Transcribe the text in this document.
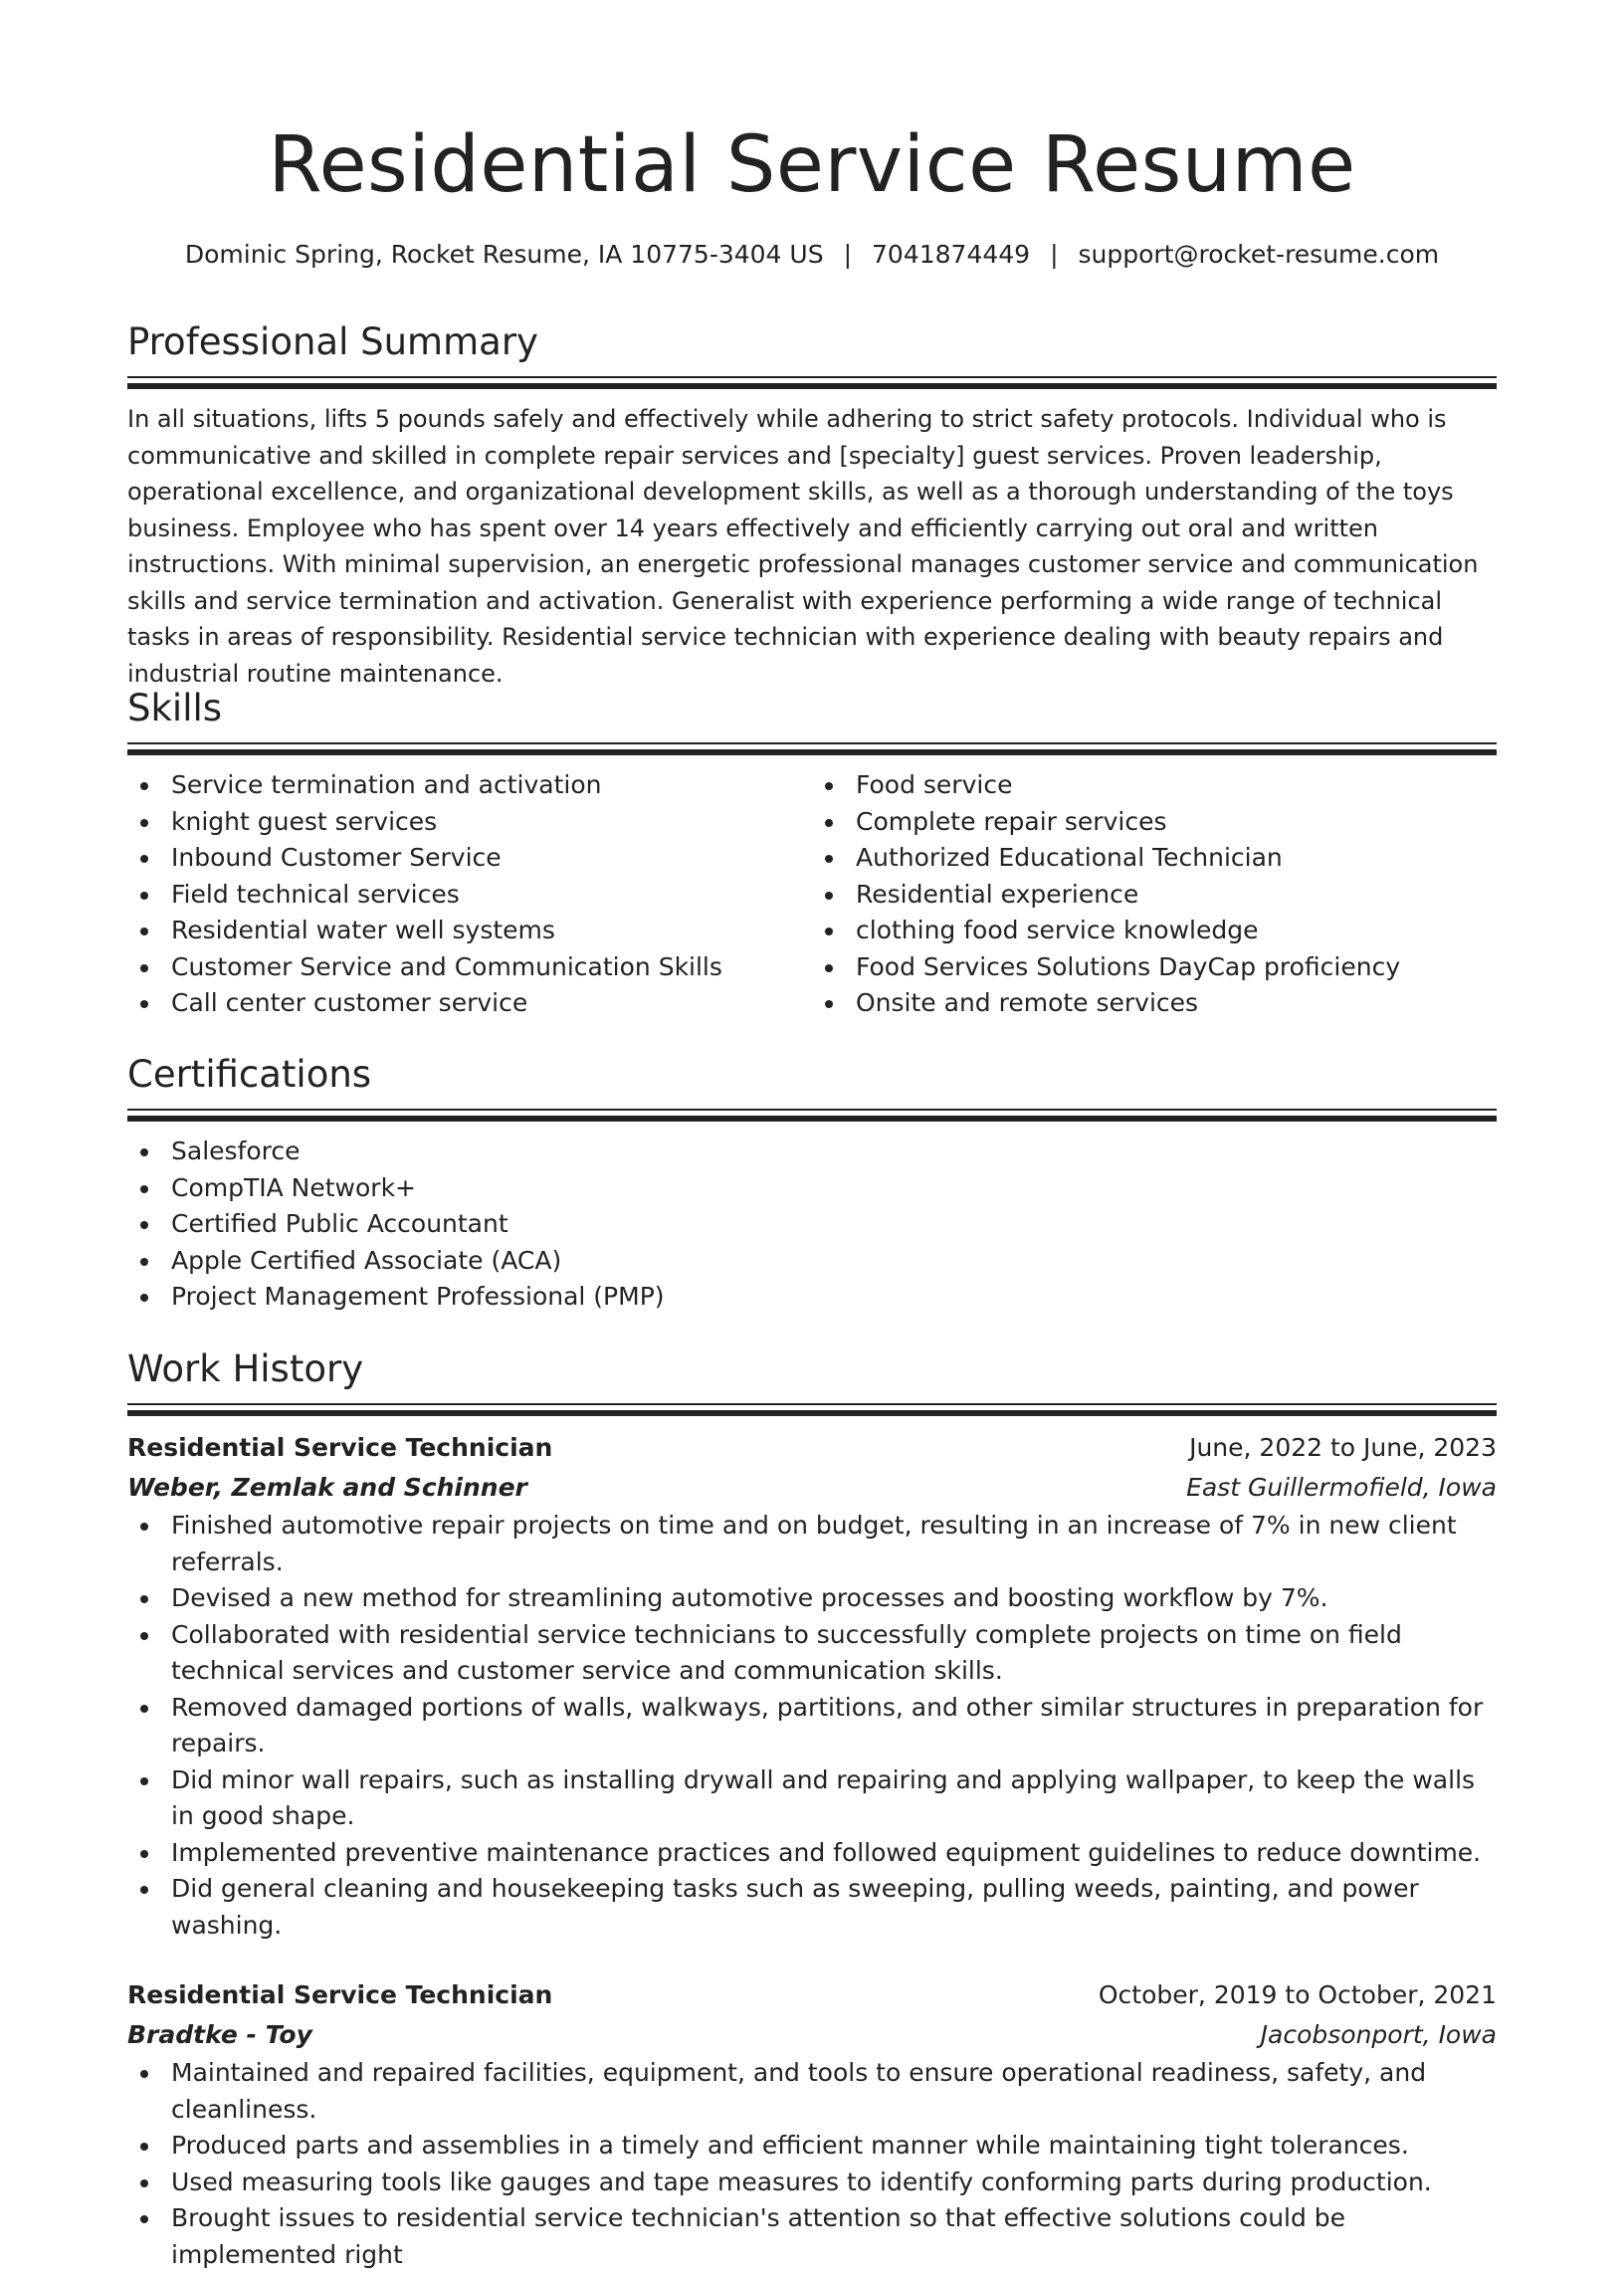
Residential Service Resume
Dominic Spring, Rocket Resume, IA 10775-3404 US | 7041874449 | support@rocket-resume.com
Professional Summary
In all situations, lifts 5 pounds safely and effectively while adhering to strict safety protocols. Individual who is communicative and skilled in complete repair services and [specialty] guest services. Proven leadership, operational excellence, and organizational development skills, as well as a thorough understanding of the toys business. Employee who has spent over 14 years effectively and efficiently carrying out oral and written instructions. With minimal supervision, an energetic professional manages customer service and communication skills and service termination and activation. Generalist with experience performing a wide range of technical tasks in areas of responsibility. Residential service technician with experience dealing with beauty repairs and industrial routine maintenance.
Skills
Service termination and activation
knight guest services
Inbound Customer Service
Field technical services
Residential water well systems
Customer Service and Communication Skills
Call center customer service
Food service
Complete repair services
Authorized Educational Technician
Residential experience
clothing food service knowledge
Food Services Solutions DayCap proficiency
Onsite and remote services
Certifications
Salesforce
CompTIA Network+
Certified Public Accountant
Apple Certified Associate (ACA)
Project Management Professional (PMP)
Work History
Residential Service Technician	June, 2022 to June, 2023
Weber, Zemlak and Schinner	East Guillermofield, Iowa
Finished automotive repair projects on time and on budget, resulting in an increase of 7% in new client referrals.
Devised a new method for streamlining automotive processes and boosting workflow by 7%.
Collaborated with residential service technicians to successfully complete projects on time on field technical services and customer service and communication skills.
Removed damaged portions of walls, walkways, partitions, and other similar structures in preparation for repairs.
Did minor wall repairs, such as installing drywall and repairing and applying wallpaper, to keep the walls in good shape.
Implemented preventive maintenance practices and followed equipment guidelines to reduce downtime.
Did general cleaning and housekeeping tasks such as sweeping, pulling weeds, painting, and power washing.
Residential Service Technician	October, 2019 to October, 2021
Bradtke - Toy	Jacobsonport, Iowa
Maintained and repaired facilities, equipment, and tools to ensure operational readiness, safety, and cleanliness.
Produced parts and assemblies in a timely and efficient manner while maintaining tight tolerances.
Used measuring tools like gauges and tape measures to identify conforming parts during production.
Brought issues to residential service technician's attention so that effective solutions could be implemented right
